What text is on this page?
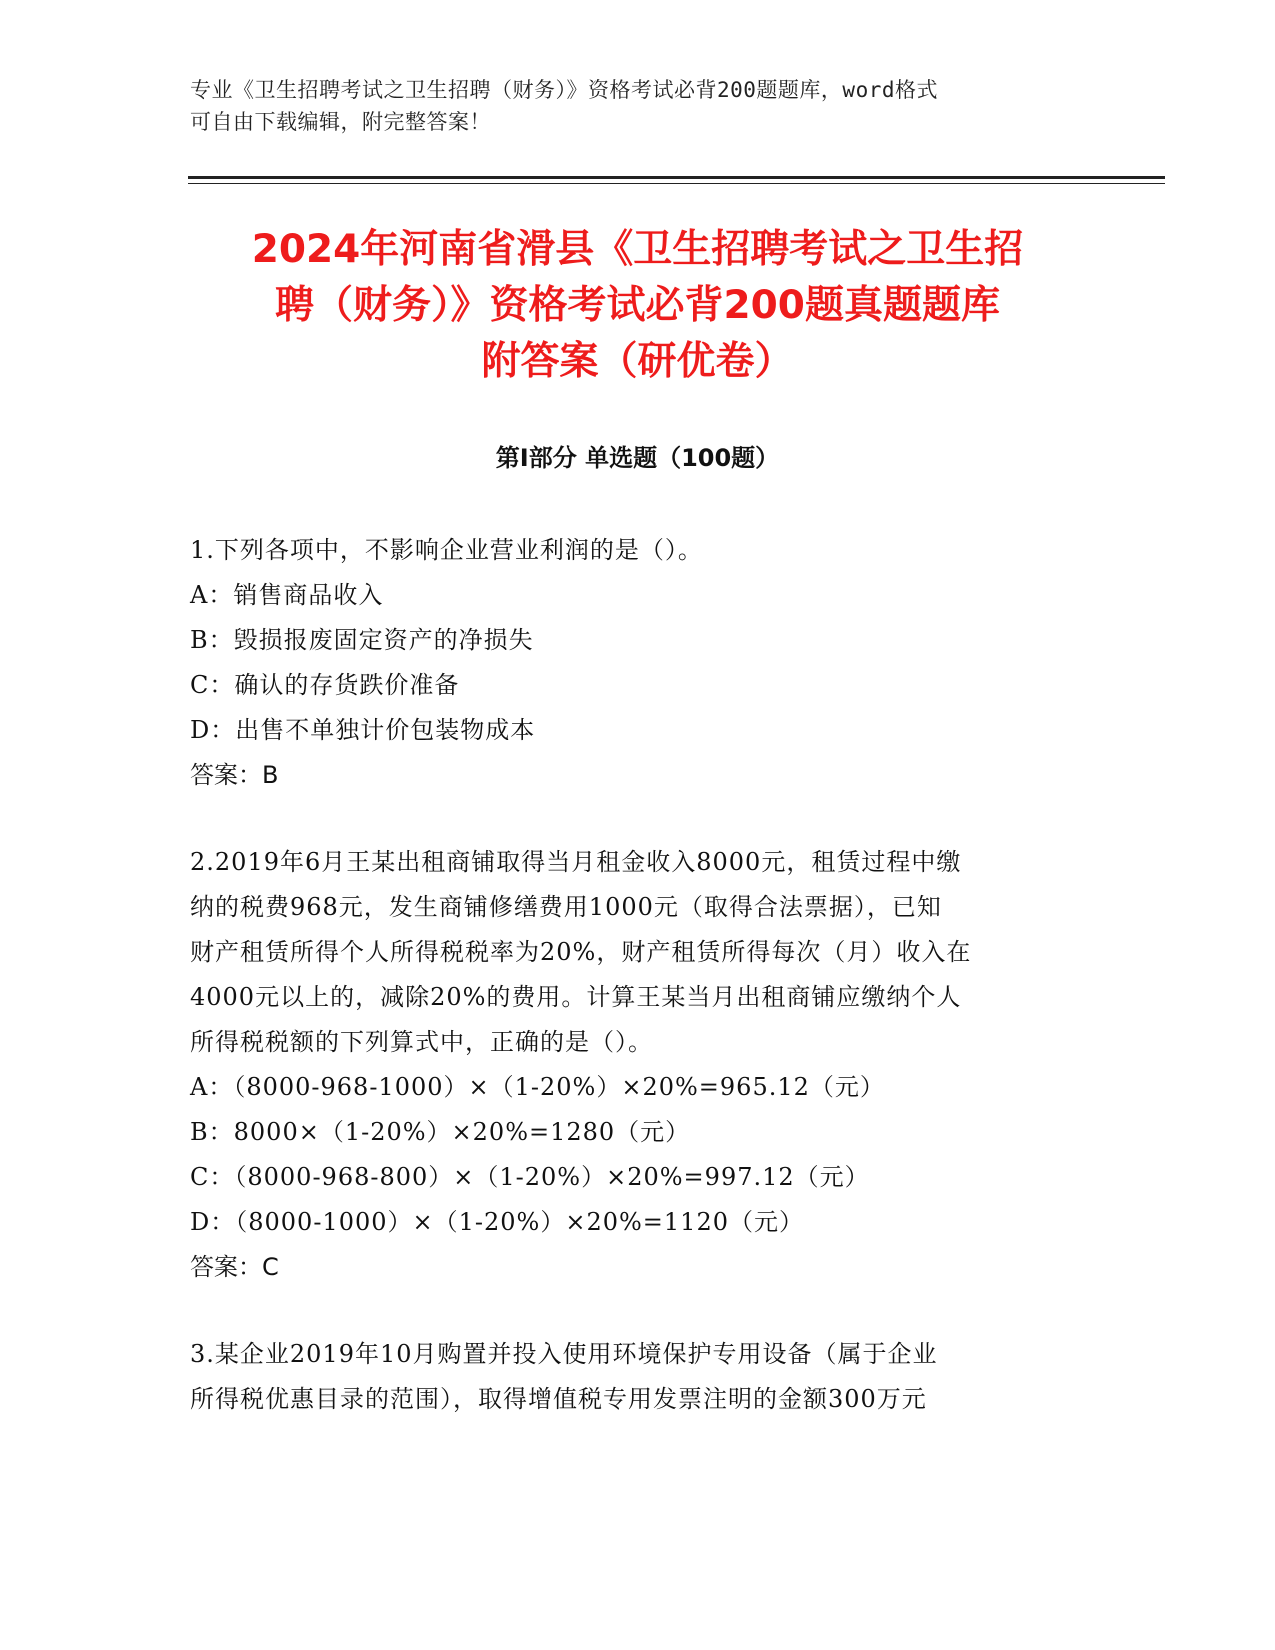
专业《卫生招聘考试之卫生招聘（财务）》资格考试必背200题题库，word格式
可自由下载编辑，附完整答案！
2024年河南省滑县《卫生招聘考试之卫生招
聘（财务）》资格考试必背200题真题题库
附答案（研优卷）
第Ⅰ部分 单选题（100题）
1.下列各项中，不影响企业营业利润的是（）。
A：销售商品收入
B：毁损报废固定资产的净损失
C：确认的存货跌价准备
D：出售不单独计价包装物成本
答案：B
2.2019年6月王某出租商铺取得当月租金收入8000元，租赁过程中缴
纳的税费968元，发生商铺修缮费用1000元（取得合法票据），已知
财产租赁所得个人所得税税率为20%，财产租赁所得每次（月）收入在
4000元以上的，减除20%的费用。计算王某当月出租商铺应缴纳个人
所得税税额的下列算式中，正确的是（）。
A：（8000-968-1000）×（1-20%）×20%=965.12（元）
B：8000×（1-20%）×20%=1280（元）
C：（8000-968-800）×（1-20%）×20%=997.12（元）
D：（8000-1000）×（1-20%）×20%=1120（元）
答案：C
3.某企业2019年10月购置并投入使用环境保护专用设备（属于企业
所得税优惠目录的范围），取得增值税专用发票注明的金额300万元
